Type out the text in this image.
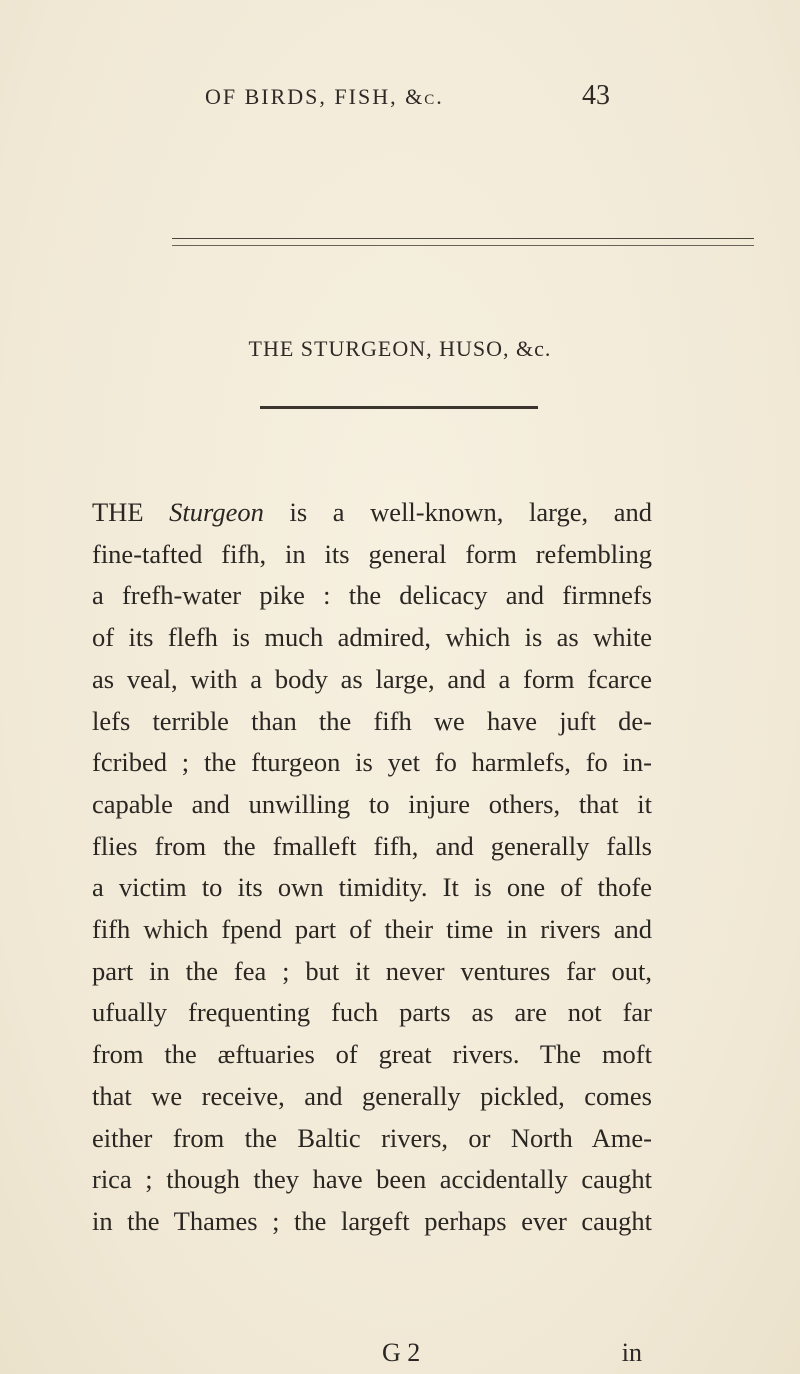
OF BIRDS, FISH, &c.	43
THE STURGEON, HUSO, &c.
THE Sturgeon is a well-known, large, and
fine-tafted fifh, in its general form refembling
a frefh-water pike : the delicacy and firmnefs
of its flefh is much admired, which is as white
as veal, with a body as large, and a form fcarce
lefs terrible than the fifh we have juft de-
fcribed ; the fturgeon is yet fo harmlefs, fo in-
capable and unwilling to injure others, that it
flies from the fmalleft fifh, and generally falls
a victim to its own timidity. It is one of thofe
fifh which fpend part of their time in rivers and
part in the fea ; but it never ventures far out,
ufually frequenting fuch parts as are not far
from the æftuaries of great rivers. The moft
that we receive, and generally pickled, comes
either from the Baltic rivers, or North Ame-
rica ; though they have been accidentally caught
in the Thames ; the largeft perhaps ever caught
G 2	in
